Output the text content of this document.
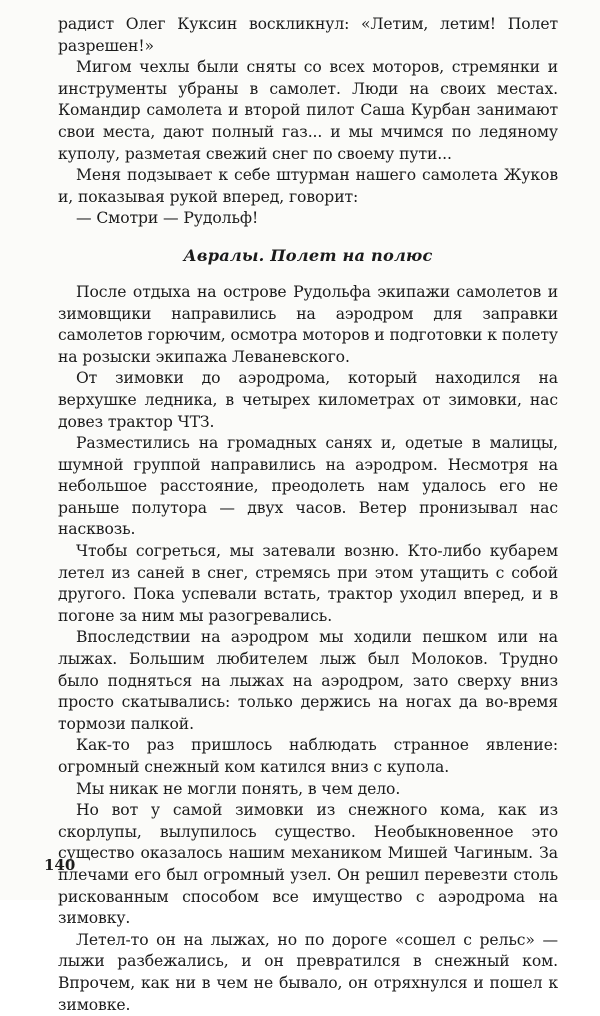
радист Олег Куксин воскликнул: «Летим, летим! Полет разрешен!»

Мигом чехлы были сняты со всех моторов, стремянки и инструменты убраны в самолет. Люди на своих местах. Командир самолета и второй пилот Саша Курбан занимают свои места, дают полный газ... и мы мчимся по ледяному куполу, разметая свежий снег по своему пути...

Меня подзывает к себе штурман нашего самолета Жуков и, показывая рукой вперед, говорит:

— Смотри — Рудольф!

Авралы. Полет на полюс

После отдыха на острове Рудольфа экипажи самолетов и зимовщики направились на аэродром для заправки самолетов горючим, осмотра моторов и подготовки к полету на розыски экипажа Леваневского.

От зимовки до аэродрома, который находился на верхушке ледника, в четырех километрах от зимовки, нас довез трактор ЧТЗ.

Разместились на громадных санях и, одетые в малицы, шумной группой направились на аэродром. Несмотря на небольшое расстояние, преодолеть нам удалось его не раньше полутора — двух часов. Ветер пронизывал нас насквозь.

Чтобы согреться, мы затевали возню. Кто-либо кубарем летел из саней в снег, стремясь при этом утащить с собой другого. Пока успевали встать, трактор уходил вперед, и в погоне за ним мы разогревались.

Впоследствии на аэродром мы ходили пешком или на лыжах. Большим любителем лыж был Молоков. Трудно было подняться на лыжах на аэродром, зато сверху вниз просто скатывались: только держись на ногах да во-время тормози палкой.

Как-то раз пришлось наблюдать странное явление: огромный снежный ком катился вниз с купола.

Мы никак не могли понять, в чем дело.

Но вот у самой зимовки из снежного кома, как из скорлупы, вылупилось существо. Необыкновенное это существо оказалось нашим механиком Мишей Чагиным. За плечами его был огромный узел. Он решил перевезти столь рискованным способом все имущество с аэродрома на зимовку.

Летел-то он на лыжах, но по дороге «сошел с рельс» — лыжи разбежались, и он превратился в снежный ком. Впрочем, как ни в чем не бывало, он отряхнулся и пошел к зимовке.

140
